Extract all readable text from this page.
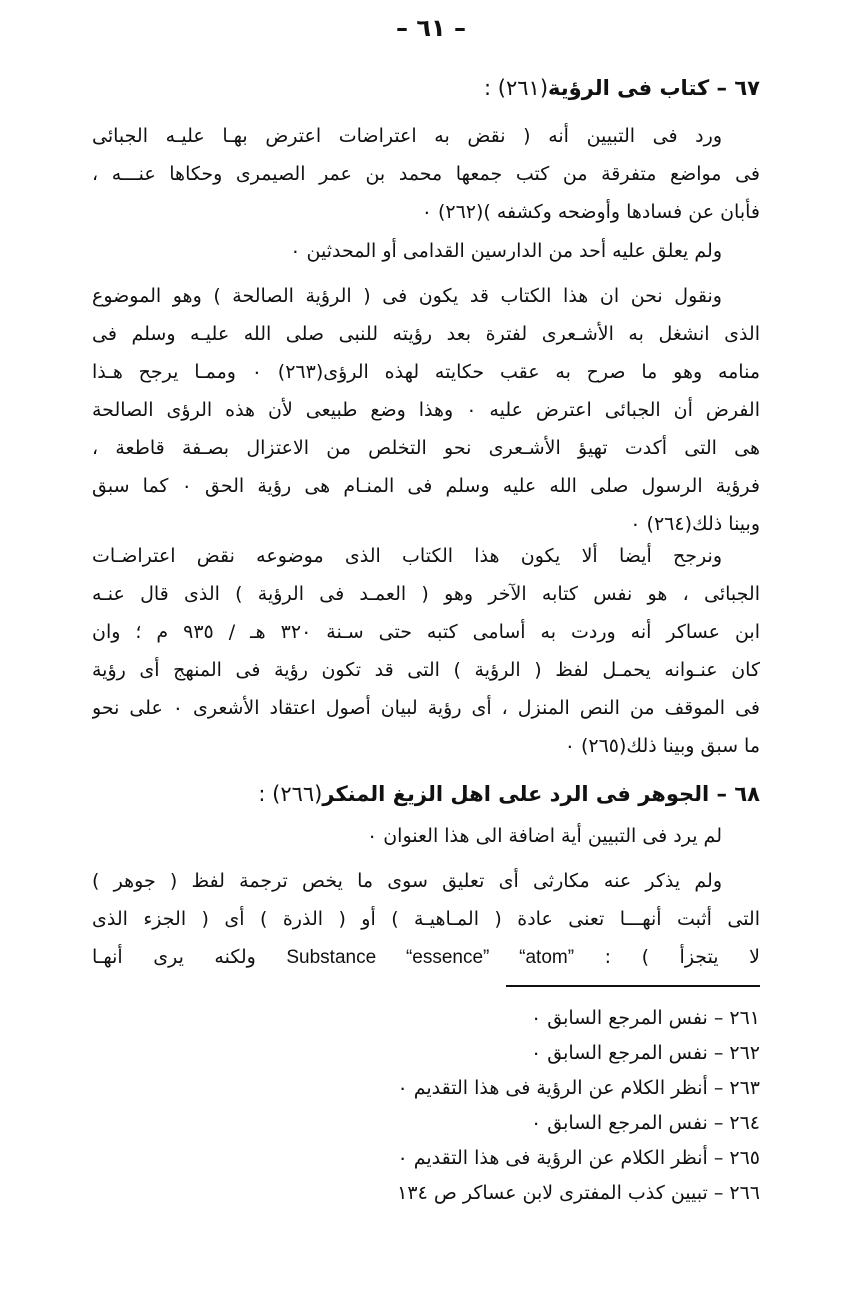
– ٦١ –
٦٧ – كتاب فى الرؤية(٢٦١) :
ورد فى التبيين أنه ( نقض به اعتراضات اعترض بهـا عليـه الجبائى
فى مواضع متفرقة من كتب جمعها محمد بن عمر الصيمرى وحكاها عنـــه ،
فأبان عن فسادها وأوضحه وكشفه )(٢٦٢) ٠
ولم يعلق عليه أحد من الدارسين القدامى أو المحدثين ٠
ونقول نحن ان هذا الكتاب قد يكون فى ( الرؤية الصالحة ) وهو الموضوع
الذى انشغل به الأشـعرى لفترة بعد رؤيته للنبى صلى الله عليـه وسلم فى
منامه وهو ما صرح به عقب حكايته لهذه الرؤى(٢٦٣) ٠ وممـا يرجح هـذا
الفرض أن الجبائى اعترض عليه ٠ وهذا وضع طبيعى لأن هذه الرؤى الصالحة
هى التى أكدت تهيؤ الأشـعرى نحو التخلص من الاعتزال بصـفة قاطعة ،
فرؤية الرسول صلى الله عليه وسلم فى المنـام هى رؤية الحق ٠ كما سبق
وبينا ذلك(٢٦٤) ٠
ونرجح أيضا ألا يكون هذا الكتاب الذى موضوعه نقض اعتراضـات
الجبائى ، هو نفس كتابه الآخر وهو ( العمـد فى الرؤية ) الذى قال عنـه
ابن عساكر أنه وردت به أسامى كتبه حتى سـنة ٣٢٠ هـ / ٩٣٥ م ؛ وان
كان عنـوانه يحمـل لفظ ( الرؤية ) التى قد تكون رؤية فى المنهج أى رؤية
فى الموقف من النص المنزل ، أى رؤية لبيان أصول اعتقاد الأشعرى ٠ على نحو
ما سبق وبينا ذلك(٢٦٥) ٠
٦٨ – الجوهر فى الرد على اهل الزيغ المنكر(٢٦٦) :
لم يرد فى التبيين أية اضافة الى هذا العنوان ٠
ولم يذكر عنه مكارثى أى تعليق سوى ما يخص ترجمة لفظ ( جوهر )
التى أثبت أنهـــا تعنى عادة ( المـاهيـة ) أو ( الذرة ) أى ( الجزء الذى
لا يتجزأ ) : Substance “essence” “atom” ولكنه يرى أنهـا
٢٦١ – نفس المرجع السابق ٠
٢٦٢ – نفس المرجع السابق ٠
٢٦٣ – أنظر الكلام عن الرؤية فى هذا التقديم ٠
٢٦٤ – نفس المرجع السابق ٠
٢٦٥ – أنظر الكلام عن الرؤية فى هذا التقديم ٠
٢٦٦ – تبيين كذب المفترى لابن عساكر ص ١٣٤
